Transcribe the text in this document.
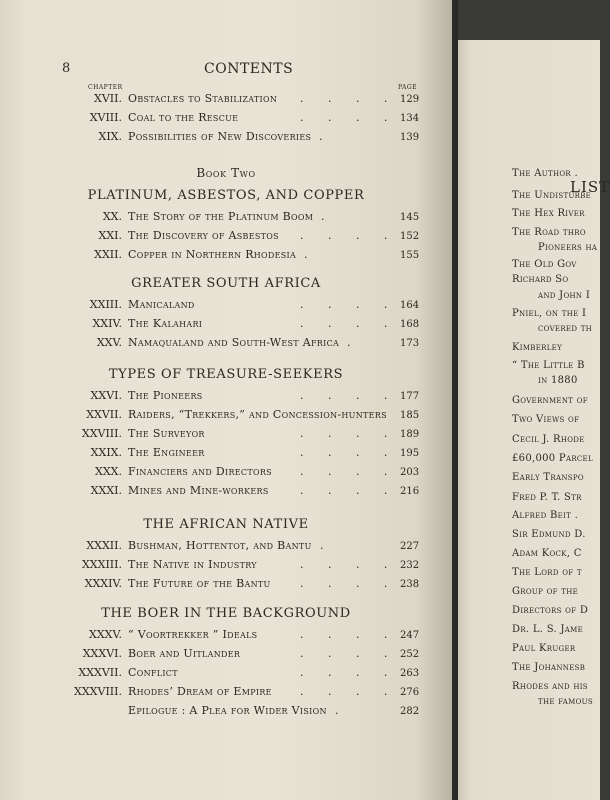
8	CONTENTS
CHAPTER	PAGE
XVII. Obstacles to Stabilization	129
.      .      .      .
XVIII. Coal to the Rescue	134
.      .      .      .
XIX. Possibilities of New Discoveries	139
.
Book Two
PLATINUM, ASBESTOS, AND COPPER
XX. The Story of the Platinum Boom	145
.
XXI. The Discovery of Asbestos	152
.      .      .      .
XXII. Copper in Northern Rhodesia	155
.
GREATER SOUTH AFRICA
XXIII. Manicaland	164
.      .      .      .
XXIV. The Kalahari	168
.      .      .      .
XXV. Namaqualand and South-West Africa	173
.
TYPES OF TREASURE-SEEKERS
XXVI. The Pioneers	177
.      .      .      .
XXVII. Raiders, “Trekkers,” and Concession-hunters 185
XXVIII. The Surveyor	189
.      .      .      .
XXIX. The Engineer	195
.      .      .      .
XXX. Financiers and Directors	203
.      .      .      .
XXXI. Mines and Mine-workers	216
.      .      .      .
THE AFRICAN NATIVE
XXXII. Bushman, Hottentot, and Bantu	227
.
XXXIII. The Native in Industry	232
.      .      .      .
XXXIV. The Future of the Bantu	238
.      .      .      .
THE BOER IN THE BACKGROUND
XXXV. “ Voortrekker ” Ideals	247
.      .      .      .
XXXVI. Boer and Uitlander	252
.      .      .      .
XXXVII. Conflict	263
.      .      .      .
XXXVIII. Rhodes’ Dream of Empire	276
.      .      .      .
Epilogue : A Plea for Wider Vision	282
.
LIST
The Author .
The Undisturbe
The Hex River
The Road thro
Pioneers ha
The Old Gov
Richard So
and John I
Pniel, on the I
covered th
Kimberley
“ The Little B
in 1880
Government of
Two Views of
Cecil J. Rhode
£60,000 Parcel
Early Transpo
Fred P. T. Str
Alfred Beit .
Sir Edmund D.
Adam Kock, C
The Lord of t
Group of the
Directors of D
Dr. L. S. Jame
Paul Kruger
The Johannesb
Rhodes and his
the famous
